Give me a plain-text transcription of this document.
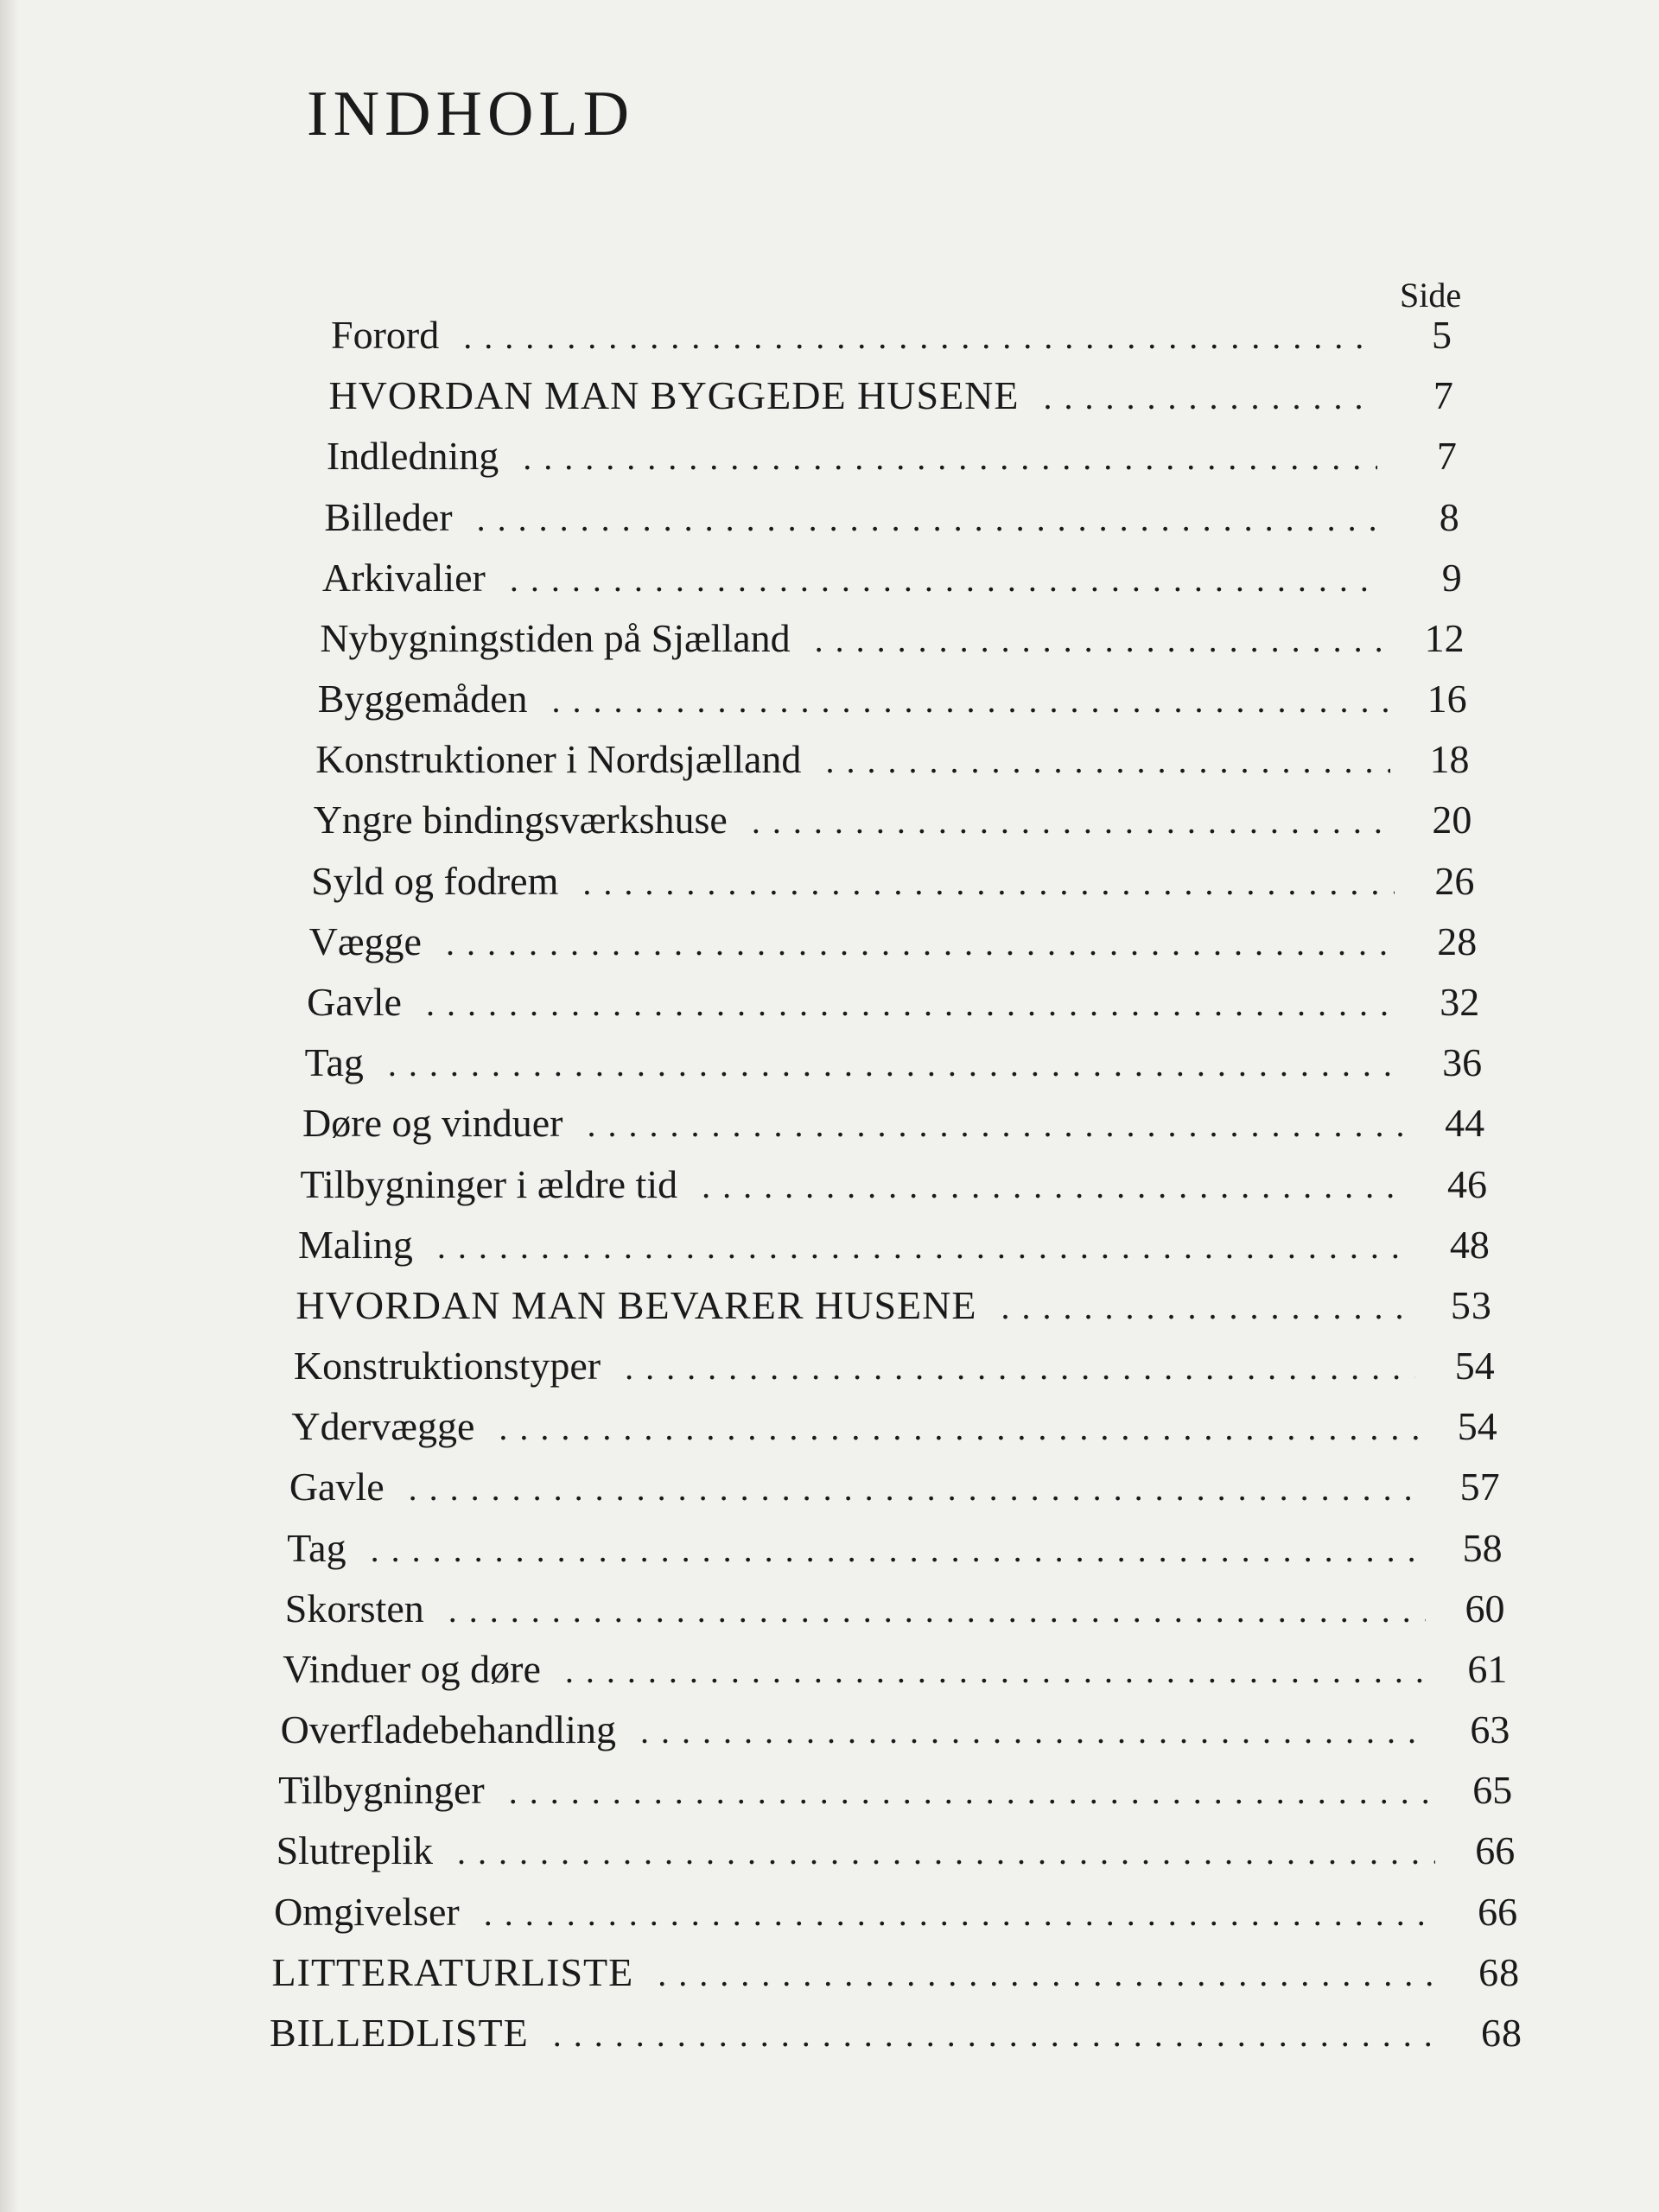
INDHOLD
Side
Forord . . .	5
HVORDAN MAN BYGGEDE HUSENE . . .	7
Indledning . . .	7
Billeder . . .	8
Arkivalier . . .	9
Nybygningstiden på Sjælland . . .	12
Byggemåden . . .	16
Konstruktioner i Nordsjælland . . .	18
Yngre bindingsværkshuse . . .	20
Syld og fodrem . . .	26
Vægge . . .	28
Gavle . . .	32
Tag . . .	36
Døre og vinduer . . .	44
Tilbygninger i ældre tid . . .	46
Maling . . .	48
HVORDAN MAN BEVARER HUSENE . . .	53
Konstruktionstyper . . .	54
Ydervægge . . .	54
Gavle . . .	57
Tag . . .	58
Skorsten . . .	60
Vinduer og døre . . .	61
Overfladebehandling . . .	63
Tilbygninger . . .	65
Slutreplik . . .	66
Omgivelser . . .	66
LITTERATURLISTE . . .	68
BILLEDLISTE . . .	68
